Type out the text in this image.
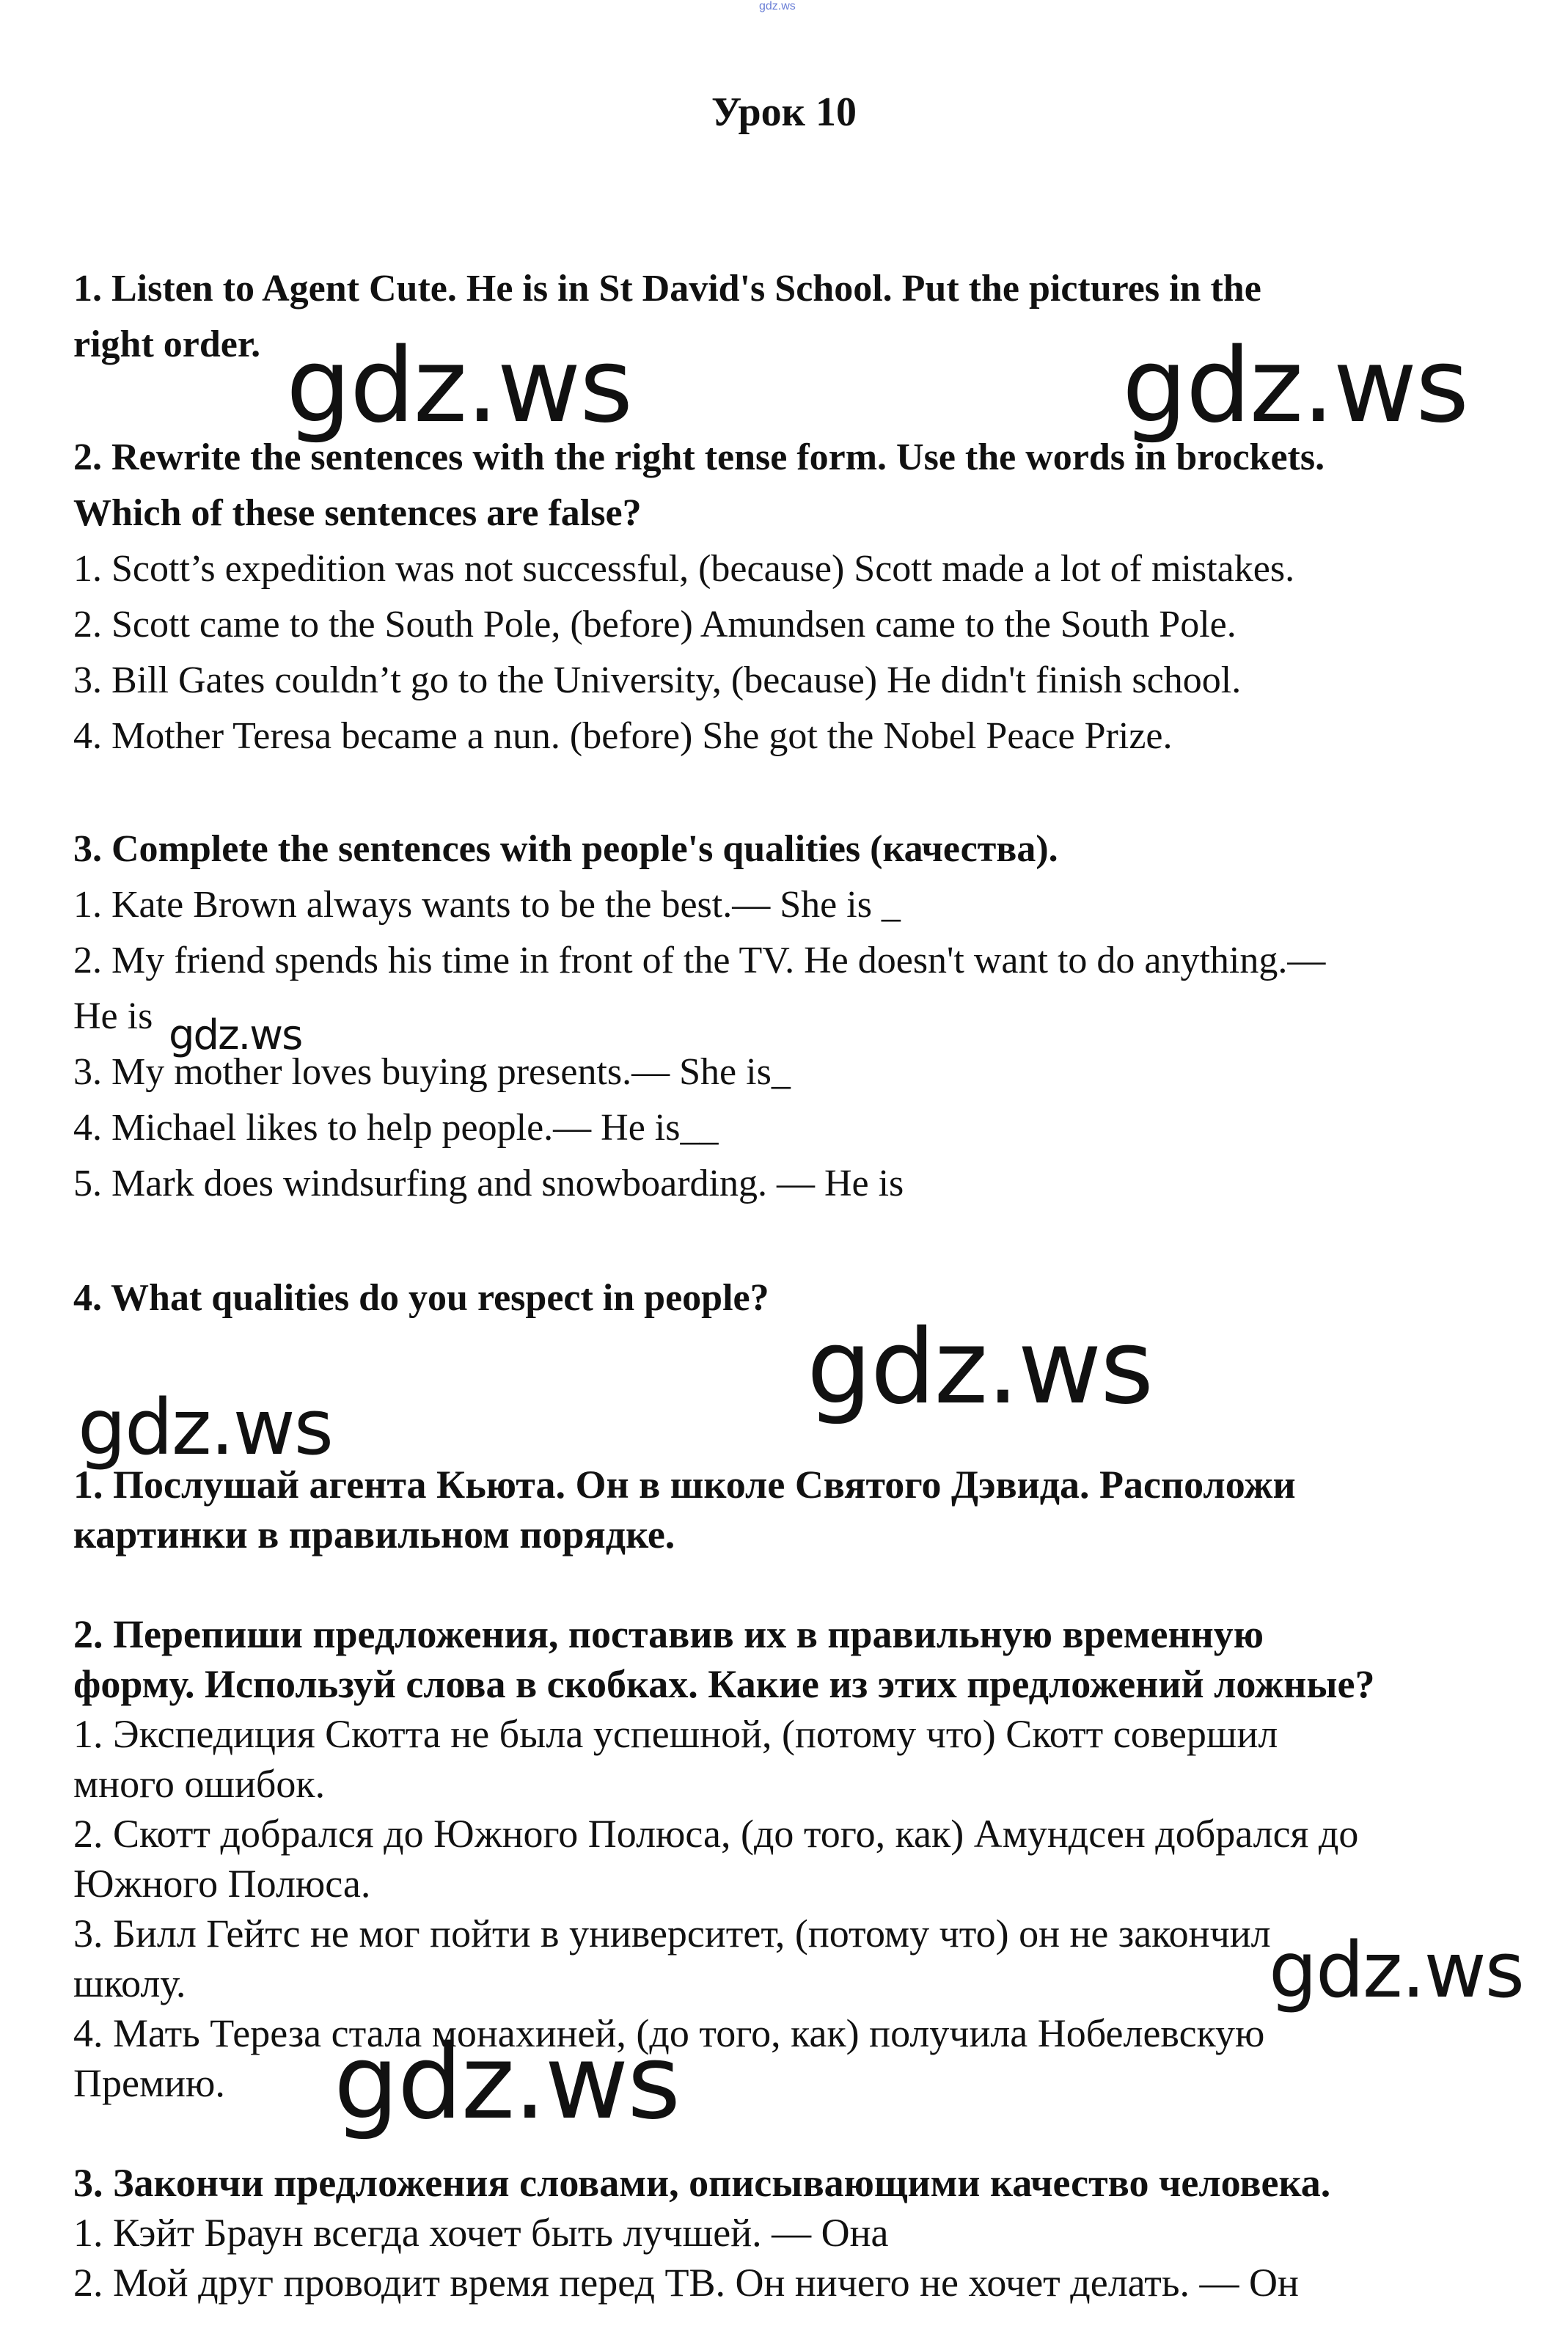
gdz.ws
Урок 10
1. Listen to Agent Cute. He is in St David's School. Put the pictures in the
right order.
2. Rewrite the sentences with the right tense form. Use the words in brockets.
Which of these sentences are false?
1. Scott’s expedition was not successful, (because) Scott made a lot of mistakes.
2. Scott came to the South Pole, (before) Amundsen came to the South Pole.
3. Bill Gates couldn’t go to the University, (because) He didn't finish school.
4. Mother Teresa became a nun. (before) She got the Nobel Peace Prize.
3. Complete the sentences with people's qualities (качества).
1. Kate Brown always wants to be the best.— She is _
2. My friend spends his time in front of the TV. He doesn't want to do anything.—
He is
3. My mother loves buying presents.— She is_
4. Michael likes to help people.— He is__
5. Mark does windsurfing and snowboarding. — He is
4. What qualities do you respect in people?
1. Послушай агента Кьюта. Он в школе Святого Дэвида. Расположи
картинки в правильном порядке.
2. Перепиши предложения, поставив их в правильную временную
форму. Используй слова в скобках. Какие из этих предложений ложные?
1. Экспедиция Скотта не была успешной, (потому что) Скотт совершил
много ошибок.
2. Скотт добрался до Южного Полюса, (до того, как) Амундсен добрался до
Южного Полюса.
3. Билл Гейтс не мог пойти в университет, (потому что) он не закончил
школу.
4. Мать Тереза стала монахиней, (до того, как) получила Нобелевскую
Премию.
3. Закончи предложения словами, описывающими качество человека.
1. Кэйт Браун всегда хочет быть лучшей. — Она
2. Мой друг проводит время перед ТВ. Он ничего не хочет делать. — Он
gdz.ws	gdz.ws
gdz.ws
gdz.ws
gdz.ws
gdz.ws
gdz.ws
